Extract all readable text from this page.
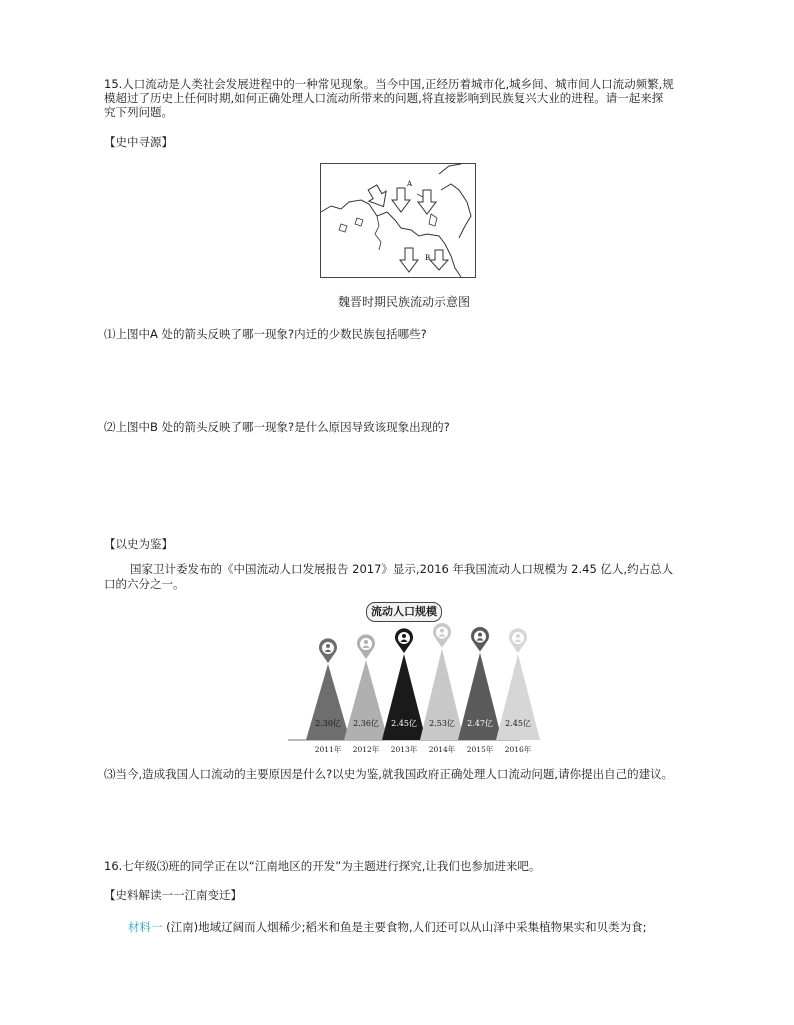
15.人口流动是人类社会发展进程中的一种常见现象。当今中国,正经历着城市化,城乡间、城市间人口流动频繁,规
模超过了历史上任何时期,如何正确处理人口流动所带来的问题,将直接影响到民族复兴大业的进程。请一起来探
究下列问题。
【史中寻源】
A
B
魏晋时期民族流动示意图
⑴上图中A 处的箭头反映了哪一现象?内迁的少数民族包括哪些?
⑵上图中B 处的箭头反映了哪一现象?是什么原因导致该现象出现的?
【以史为鉴】
国家卫计委发布的《中国流动人口发展报告 2017》显示,2016 年我国流动人口规模为 2.45 亿人,约占总人
口的六分之一。
流动人口规模
2.30亿
2011年
2.36亿
2012年
2.45亿
2013年
2.53亿
2014年
2.47亿
2015年
2.45亿
2016年
⑶当今,造成我国人口流动的主要原因是什么?以史为鉴,就我国政府正确处理人口流动问题,请你提出自己的建议。
16.七年级⑶班的同学正在以“江南地区的开发”为主题进行探究,让我们也参加进来吧。
【史料解读一一江南变迁】
材料一 (江南)地域辽阔而人烟稀少;稻米和鱼是主要食物,人们还可以从山泽中采集植物果实和贝类为食;
